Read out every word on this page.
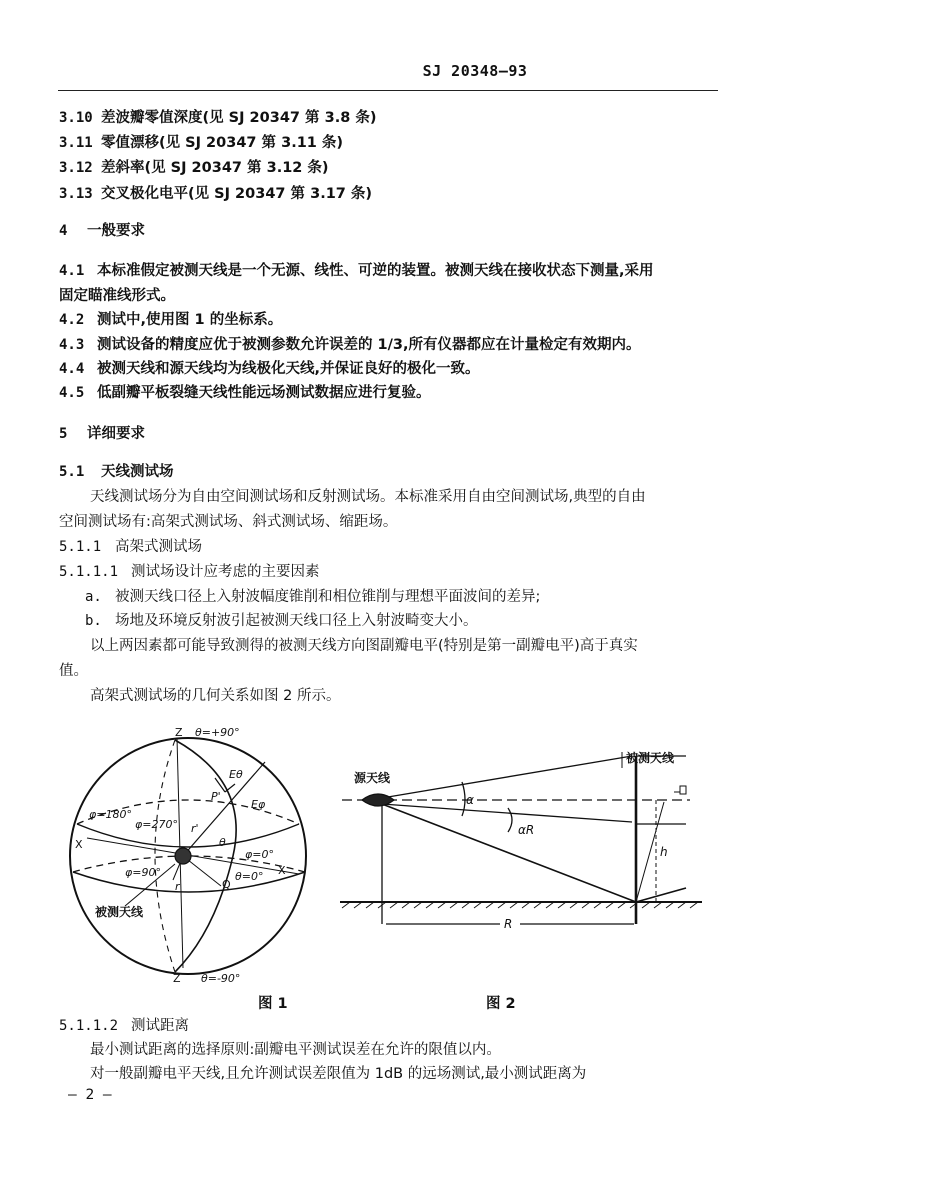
SJ 20348—93
3.10 差波瓣零值深度(见 SJ 20347 第 3.8 条)
3.11 零值漂移(见 SJ 20347 第 3.11 条)
3.12 差斜率(见 SJ 20347 第 3.12 条)
3.13 交叉极化电平(见 SJ 20347 第 3.17 条)
4 一般要求
4.1 本标准假定被测天线是一个无源、线性、可逆的装置。被测天线在接收状态下测量,采用
固定瞄准线形式。
4.2 测试中,使用图 1 的坐标系。
4.3 测试设备的精度应优于被测参数允许误差的 1/3,所有仪器都应在计量检定有效期内。
4.4 被测天线和源天线均为线极化天线,并保证良好的极化一致。
4.5 低副瓣平板裂缝天线性能远场测试数据应进行复验。
5 详细要求
5.1 天线测试场
天线测试场分为自由空间测试场和反射测试场。本标准采用自由空间测试场,典型的自由
空间测试场有:高架式测试场、斜式测试场、缩距场。
5.1.1 高架式测试场
5.1.1.1 测试场设计应考虑的主要因素
a. 被测天线口径上入射波幅度锥削和相位锥削与理想平面波间的差异;
b. 场地及环境反射波引起被测天线口径上入射波畸变大小。
以上两因素都可能导致测得的被测天线方向图副瓣电平(特别是第一副瓣电平)高于真实
值。
高架式测试场的几何关系如图 2 所示。
Z θ=+90°
Z θ=-90°
X
X
φ=180°
φ=270°
φ=90°
φ=0°
θ=0°
P'
Eφ
Eθ
Q
r
θ
r'
被测天线
源天线
被测天线
α
αR
h
R
图 1	图 2
5.1.1.2 测试距离
最小测试距离的选择原则:副瓣电平测试误差在允许的限值以内。
对一般副瓣电平天线,且允许测试误差限值为 1dB 的远场测试,最小测试距离为
— 2 —
